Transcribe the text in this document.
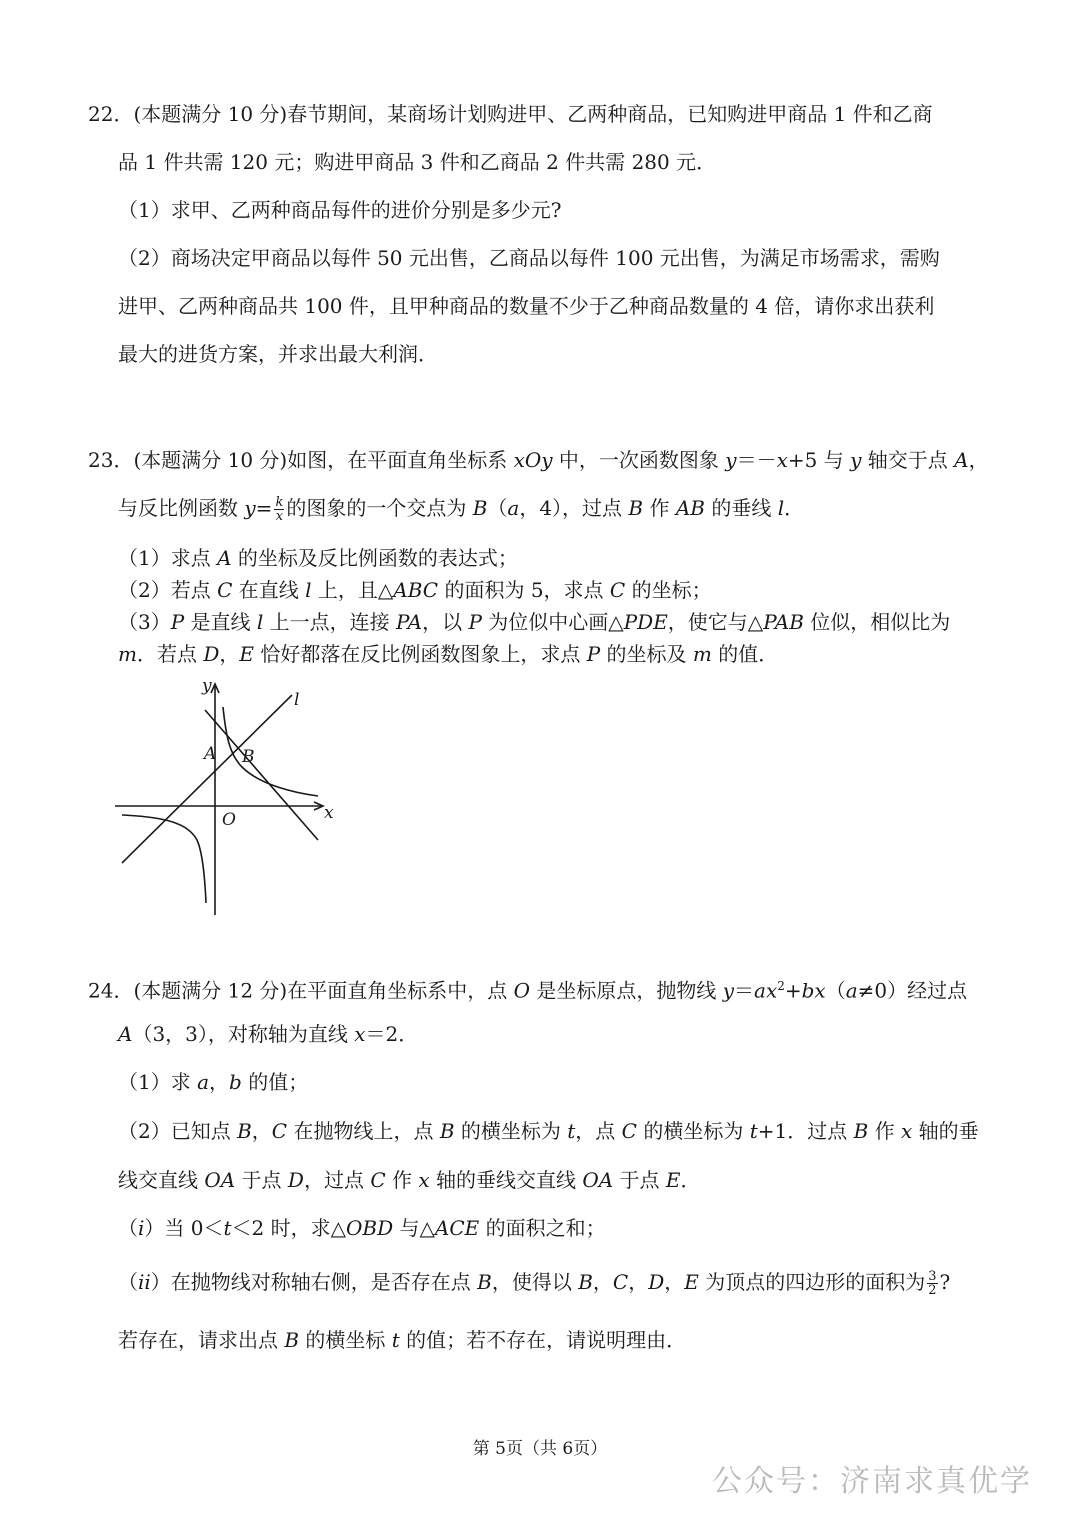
22．(本题满分 10 分)春节期间，某商场计划购进甲、乙两种商品，已知购进甲商品 1 件和乙商
品 1 件共需 120 元；购进甲商品 3 件和乙商品 2 件共需 280 元．
（1）求甲、乙两种商品每件的进价分别是多少元?
（2）商场决定甲商品以每件 50 元出售，乙商品以每件 100 元出售，为满足市场需求，需购
进甲、乙两种商品共 100 件，且甲种商品的数量不少于乙种商品数量的 4 倍，请你求出获利
最大的进货方案，并求出最大利润．
23．(本题满分 10 分)如图，在平面直角坐标系 xOy 中，一次函数图象 y＝－x+5 与 y 轴交于点 A，
与反比例函数 $y= \frac{k}{x}$ 的图象的一个交点为 B（a，4），过点 B 作 AB 的垂线 l．
（1）求点 A 的坐标及反比例函数的表达式；
（2）若点 C 在直线 l 上，且△ABC 的面积为 5，求点 C 的坐标；
（3）P 是直线 l 上一点，连接 PA，以 P 为位似中心画△PDE，使它与△PAB 位似，相似比为
m．若点 D，E 恰好都落在反比例函数图象上，求点 P 的坐标及 m 的值．
y
l
A B
O	x
24．(本题满分 12 分)在平面直角坐标系中，点 O 是坐标原点，抛物线 $y=ax^2+bx(a\ne 0)$经过点
A（3，3），对称轴为直线 x＝2．
（1）求 a，b 的值；
（2）已知点 B，C 在抛物线上，点 B 的横坐标为 t，点 C 的横坐标为 t+1．过点 B 作 x 轴的垂
线交直线 OA 于点 D，过点 C 作 x 轴的垂线交直线 OA 于点 E．
（i）当 0＜t＜2 时，求△OBD 与△ACE 的面积之和；
（ii）在抛物线对称轴右侧，是否存在点 B，使得以 B，C，D，E 为顶点的四边形的面积为 $\frac{3}{2}$ ?
若存在，请求出点 B 的横坐标 t 的值；若不存在，请说明理由．
第 5页（共 6页）
公众号：济南求真优学
